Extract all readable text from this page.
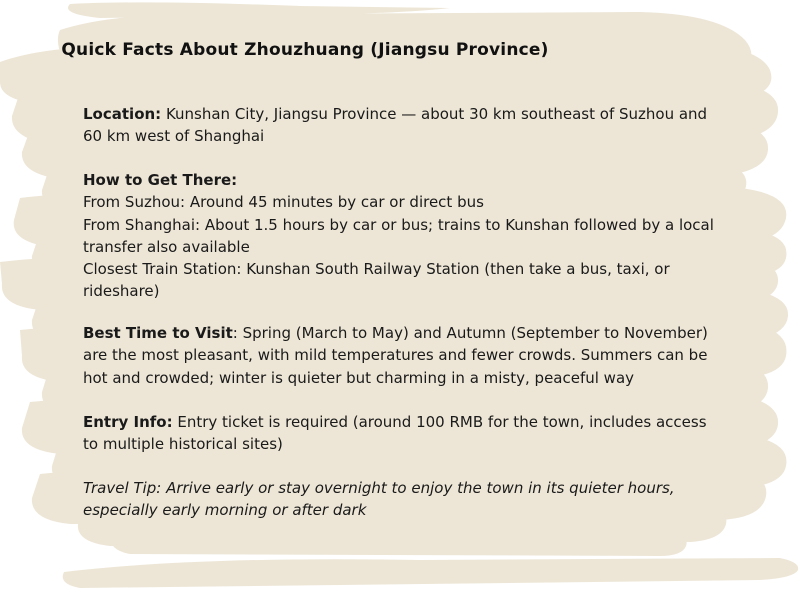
Quick Facts About Zhouzhuang (Jiangsu Province)

Location: Kunshan City, Jiangsu Province — about 30 km southeast of Suzhou and
60 km west of Shanghai

How to Get There:
From Suzhou: Around 45 minutes by car or direct bus
From Shanghai: About 1.5 hours by car or bus; trains to Kunshan followed by a local
transfer also available
Closest Train Station: Kunshan South Railway Station (then take a bus, taxi, or
rideshare)

Best Time to Visit: Spring (March to May) and Autumn (September to November)
are the most pleasant, with mild temperatures and fewer crowds. Summers can be
hot and crowded; winter is quieter but charming in a misty, peaceful way

Entry Info: Entry ticket is required (around 100 RMB for the town, includes access
to multiple historical sites)

Travel Tip: Arrive early or stay overnight to enjoy the town in its quieter hours,
especially early morning or after dark
